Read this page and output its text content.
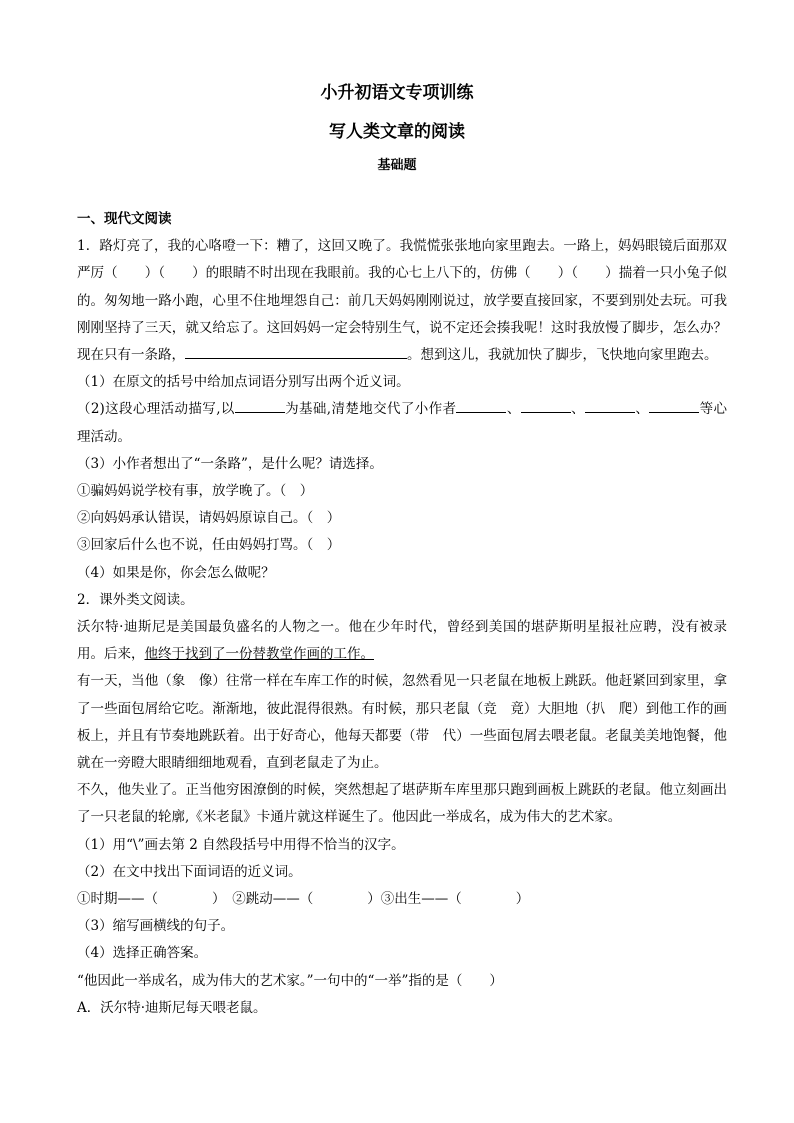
小升初语文专项训练
写人类文章的阅读
基础题

一、现代文阅读

1．路灯亮了，我的心咯噔一下：糟了，这回又晚了。我慌慌张张地向家里跑去。一路上，妈妈眼镜后面那双严厉（　　）（　　）的眼睛不时出现在我眼前。我的心七上八下的，仿佛（　　）（　　）揣着一只小兔子似的。匆匆地一路小跑，心里不住地埋怨自己：前几天妈妈刚刚说过，放学要直接回家，不要到别处去玩。可我刚刚坚持了三天，就又给忘了。这回妈妈一定会特别生气，说不定还会揍我呢！这时我放慢了脚步，怎么办？现在只有一条路，	。想到这儿，我就加快了脚步，飞快地向家里跑去。

（1）在原文的括号中给加点词语分别写出两个近义词。

（2)这段心理活动描写,以	为基础,清楚地交代了小作者	、	、	、	等心理活动。

（3）小作者想出了“一条路”，是什么呢？请选择。

①骗妈妈说学校有事，放学晚了。（　）

②向妈妈承认错误，请妈妈原谅自己。（　）

③回家后什么也不说，任由妈妈打骂。（　）

（4）如果是你，你会怎么做呢？

2．课外类文阅读。

沃尔特·迪斯尼是美国最负盛名的人物之一。他在少年时代，曾经到美国的堪萨斯明星报社应聘，没有被录用。后来，他终于找到了一份替教堂作画的工作。

有一天，当他（象　像）往常一样在车库工作的时候，忽然看见一只老鼠在地板上跳跃。他赶紧回到家里，拿了一些面包屑给它吃。渐渐地，彼此混得很熟。有时候，那只老鼠（竞　竟）大胆地（扒　爬）到他工作的画板上，并且有节奏地跳跃着。出于好奇心，他每天都要（带　代）一些面包屑去喂老鼠。老鼠美美地饱餐，他就在一旁瞪大眼睛细细地观看，直到老鼠走了为止。

不久，他失业了。正当他穷困潦倒的时候，突然想起了堪萨斯车库里那只跑到画板上跳跃的老鼠。他立刻画出了一只老鼠的轮廓,《米老鼠》卡通片就这样诞生了。他因此一举成名，成为伟大的艺术家。

（1）用“\”画去第 2 自然段括号中用得不恰当的汉字。

（2）在文中找出下面词语的近义词。

①时期——（　　　　）　②跳动——（　　　　）③出生——（　　　　）

（3）缩写画横线的句子。

（4）选择正确答案。

“他因此一举成名，成为伟大的艺术家。”一句中的“一举”指的是（　　）

A．沃尔特·迪斯尼每天喂老鼠。
